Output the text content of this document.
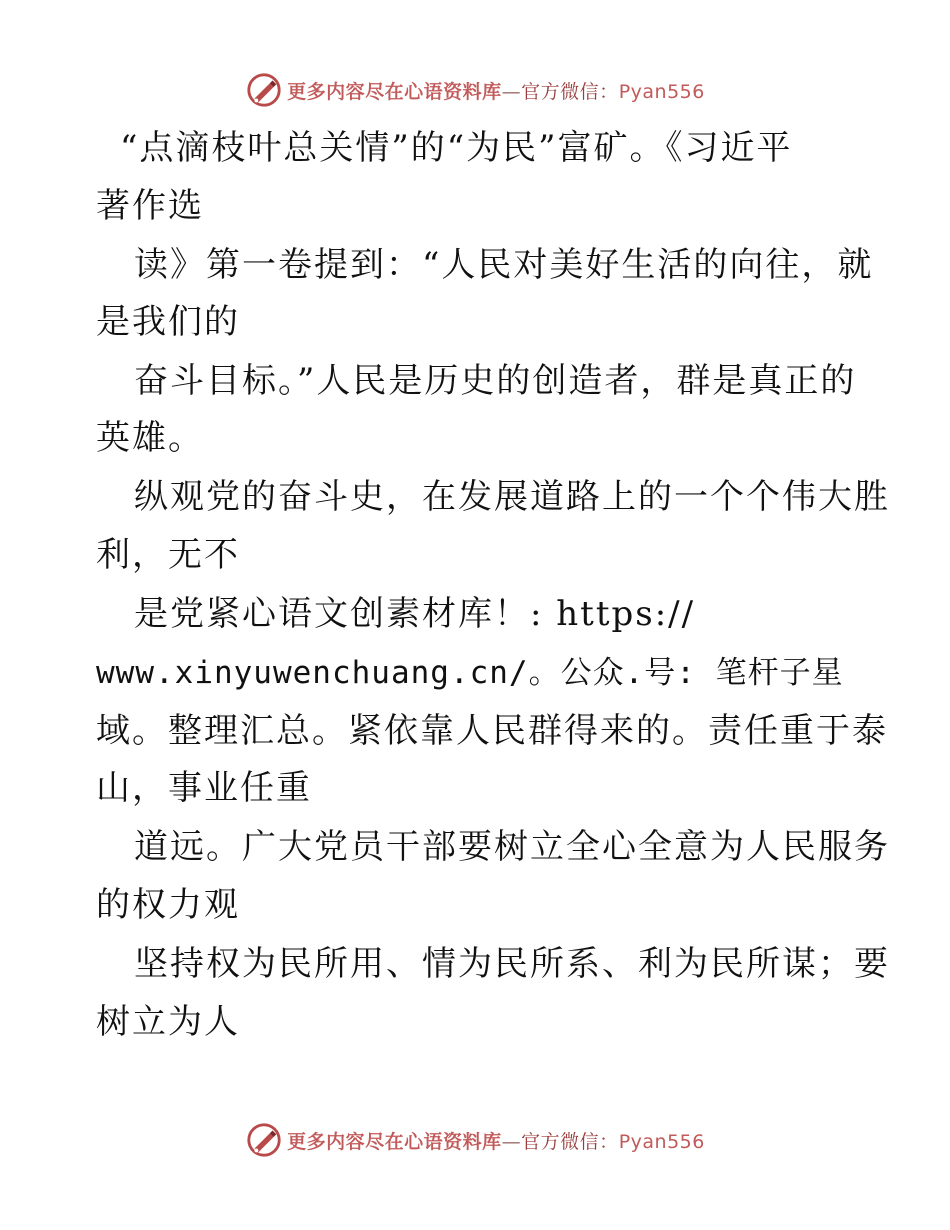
更多内容尽在心语资料库—官方微信：Pyan556
“点滴枝叶总关情”的“为民”富矿。《习近平
著作选
读》第一卷提到：“人民对美好生活的向往，就
是我们的
奋斗目标。”人民是历史的创造者，群是真正的
英雄。
纵观党的奋斗史，在发展道路上的一个个伟大胜
利，无不
是党紧心语文创素材库！: https://
www.xinyuwenchuang.cn/。公众.号: 笔杆子星
域。整理汇总。紧依靠人民群得来的。责任重于泰
山，事业任重
道远。广大党员干部要树立全心全意为人民服务
的权力观
坚持权为民所用、情为民所系、利为民所谋；要
树立为人
更多内容尽在心语资料库—官方微信：Pyan556
